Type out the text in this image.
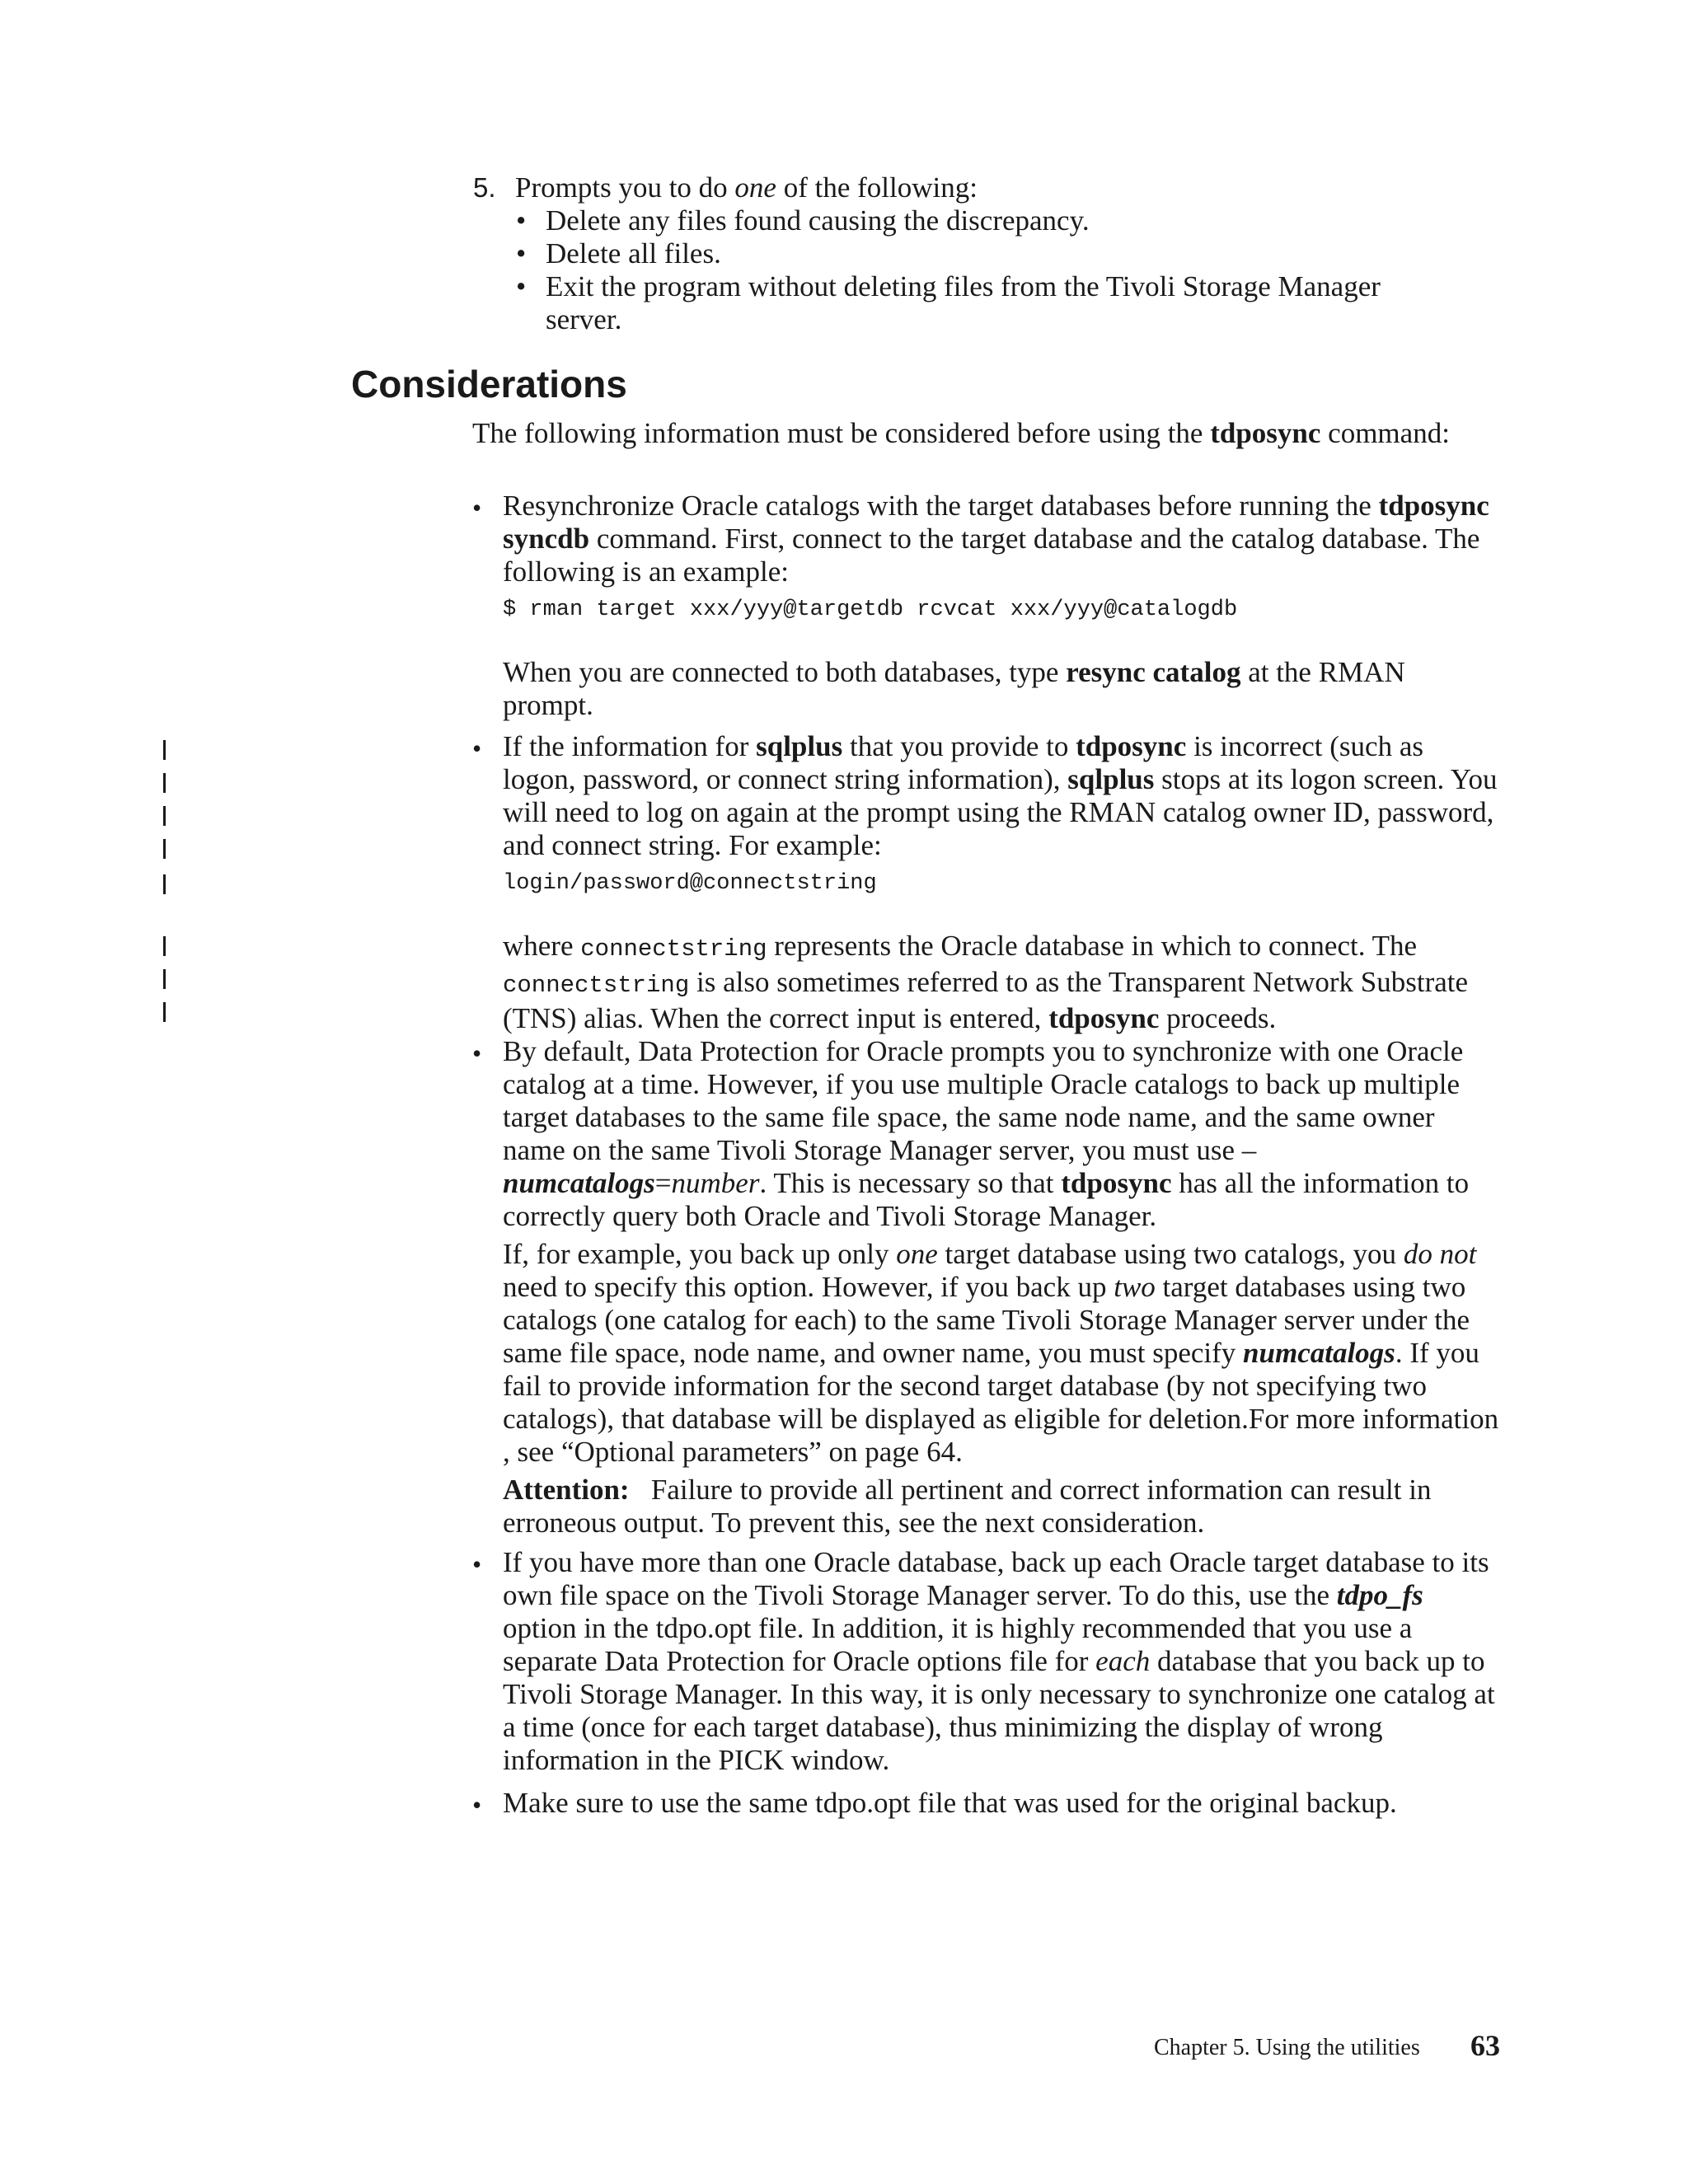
5. Prompts you to do one of the following:
• Delete any files found causing the discrepancy.
• Delete all files.
• Exit the program without deleting files from the Tivoli Storage Manager server.
Considerations
The following information must be considered before using the tdposync command:
• Resynchronize Oracle catalogs with the target databases before running the tdposync syncdb command. First, connect to the target database and the catalog database. The following is an example:
$ rman target xxx/yyy@targetdb rcvcat xxx/yyy@catalogdb
When you are connected to both databases, type resync catalog at the RMAN prompt.
• If the information for sqlplus that you provide to tdposync is incorrect (such as logon, password, or connect string information), sqlplus stops at its logon screen. You will need to log on again at the prompt using the RMAN catalog owner ID, password, and connect string. For example:
login/password@connectstring
where connectstring represents the Oracle database in which to connect. The connectstring is also sometimes referred to as the Transparent Network Substrate (TNS) alias. When the correct input is entered, tdposync proceeds.
• By default, Data Protection for Oracle prompts you to synchronize with one Oracle catalog at a time. However, if you use multiple Oracle catalogs to back up multiple target databases to the same file space, the same node name, and the same owner name on the same Tivoli Storage Manager server, you must use –numcatalogs=number. This is necessary so that tdposync has all the information to correctly query both Oracle and Tivoli Storage Manager.
If, for example, you back up only one target database using two catalogs, you do not need to specify this option. However, if you back up two target databases using two catalogs (one catalog for each) to the same Tivoli Storage Manager server under the same file space, node name, and owner name, you must specify numcatalogs. If you fail to provide information for the second target database (by not specifying two catalogs), that database will be displayed as eligible for deletion.For more information , see “Optional parameters” on page 64.
Attention: Failure to provide all pertinent and correct information can result in erroneous output. To prevent this, see the next consideration.
• If you have more than one Oracle database, back up each Oracle target database to its own file space on the Tivoli Storage Manager server. To do this, use the tdpo_fs option in the tdpo.opt file. In addition, it is highly recommended that you use a separate Data Protection for Oracle options file for each database that you back up to Tivoli Storage Manager. In this way, it is only necessary to synchronize one catalog at a time (once for each target database), thus minimizing the display of wrong information in the PICK window.
• Make sure to use the same tdpo.opt file that was used for the original backup.
Chapter 5. Using the utilities 63
